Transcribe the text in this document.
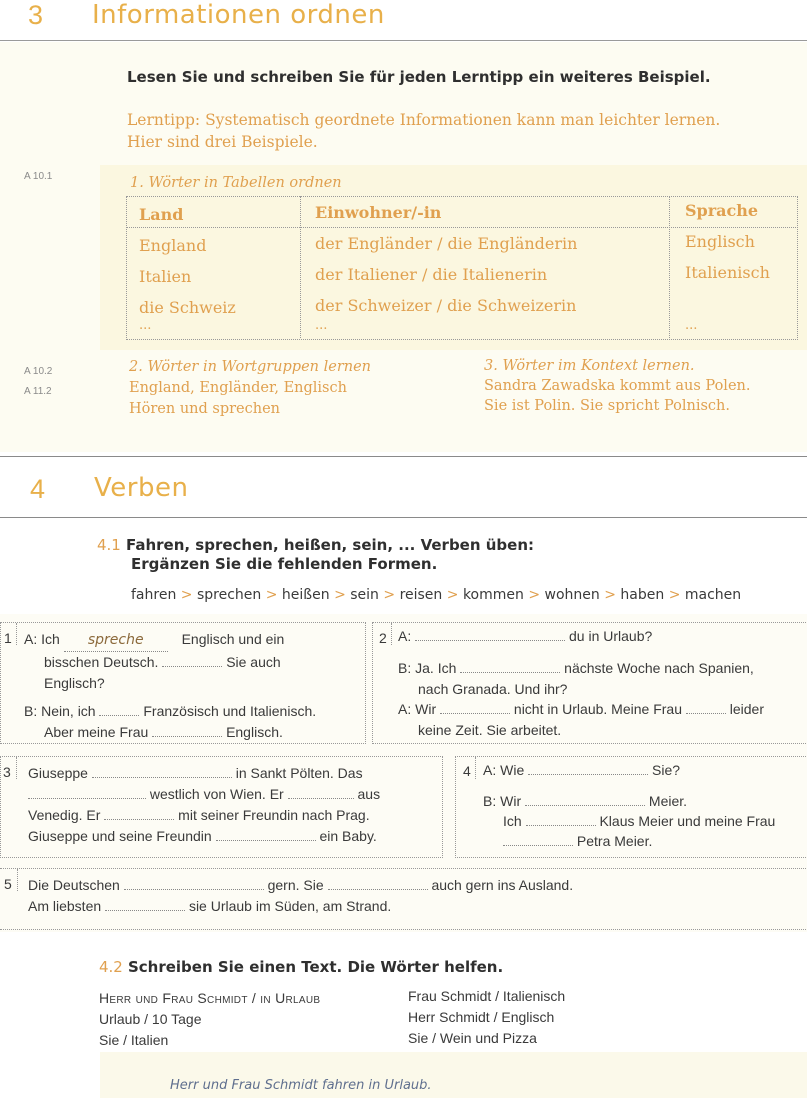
3 Informationen ordnen
Lesen Sie und schreiben Sie für jeden Lerntipp ein weiteres Beispiel.
Lerntipp: Systematisch geordnete Informationen kann man leichter lernen.
Hier sind drei Beispiele.
A 10.1
A 10.2
A 11.2
1. Wörter in Tabellen ordnen
Land	Einwohner/-in	Sprache
England	der Engländer / die Engländerin	Englisch
Italien	der Italiener / die Italienerin	Italienisch
die Schweiz	der Schweizer / die Schweizerin
...	...	...
2. Wörter in Wortgruppen lernen
England, Engländer, Englisch
Hören und sprechen
3. Wörter im Kontext lernen.
Sandra Zawadska kommt aus Polen.
Sie ist Polin. Sie spricht Polnisch.
4 Verben
4.1 Fahren, sprechen, heißen, sein, ... Verben üben:
Ergänzen Sie die fehlenden Formen.
fahren > sprechen > heißen > sein > reisen > kommen > wohnen > haben > machen
1 A: Ich spreche	Englisch und ein
bisschen Deutsch.	Sie auch
Englisch?
B: Nein, ich	Französisch und Italienisch.
Aber meine Frau	Englisch.
2 A:	du in Urlaub?
B: Ja. Ich	nächste Woche nach Spanien,
nach Granada. Und ihr?
A: Wir	nicht in Urlaub. Meine Frau	leider
keine Zeit. Sie arbeitet.
3 Giuseppe	in Sankt Pölten. Das
westlich von Wien. Er	aus
Venedig. Er	mit seiner Freundin nach Prag.
Giuseppe und seine Freundin	ein Baby.
4 A: Wie	Sie?
B: Wir	Meier.
Ich	Klaus Meier und meine Frau
Petra Meier.
5 Die Deutschen	gern. Sie	auch gern ins Ausland.
Am liebsten	sie Urlaub im Süden, am Strand.
4.2 Schreiben Sie einen Text. Die Wörter helfen.
Herr und Frau Schmidt / in Urlaub
Urlaub / 10 Tage
Sie / Italien
Frau Schmidt / Italienisch
Herr Schmidt / Englisch
Sie / Wein und Pizza
Herr und Frau Schmidt fahren in Urlaub.
